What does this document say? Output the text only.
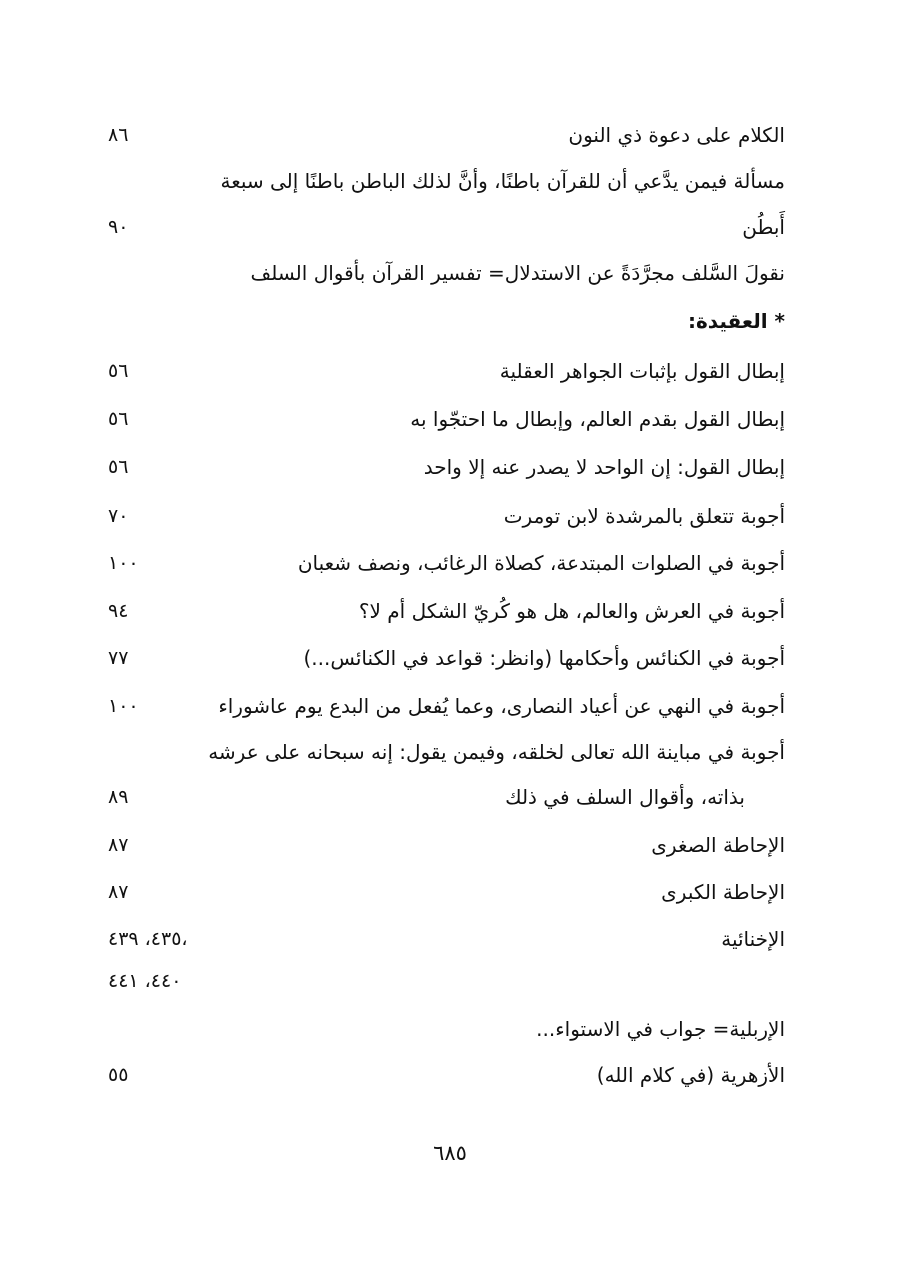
الكلام على دعوة ذي النون
٨٦
مسألة فيمن يدَّعي أن للقرآن باطنًا، وأنَّ لذلك الباطن باطنًا إلى سبعة
أَبطُن
٩٠
نقولَ السَّلف مجرَّدَةً عن الاستدلال= تفسير القرآن بأقوال السلف
* العقيدة:
إبطال القول بإثبات الجواهر العقلية
٥٦
إبطال القول بقدم العالم، وإبطال ما احتجّوا به
٥٦
إبطال القول: إن الواحد لا يصدر عنه إلا واحد
٥٦
أجوبة تتعلق بالمرشدة لابن تومرت
٧٠
أجوبة في الصلوات المبتدعة، كصلاة الرغائب، ونصف شعبان
١٠٠
أجوبة في العرش والعالم، هل هو كُريّ الشكل أم لا؟
٩٤
أجوبة في الكنائس وأحكامها (وانظر: قواعد في الكنائس...)
٧٧
أجوبة في النهي عن أعياد النصارى، وعما يُفعل من البدع يوم عاشوراء
١٠٠
أجوبة في مباينة الله تعالى لخلقه، وفيمن يقول: إنه سبحانه على عرشه
بذاته، وأقوال السلف في ذلك
٨٩
الإحاطة الصغرى
٨٧
الإحاطة الكبرى
٨٧
الإخنائية
٤٣٥، ٤٣٩،
٤٤٠، ٤٤١
الإربلية= جواب في الاستواء...
الأزهرية (في كلام الله)
٥٥
٦٨٥
